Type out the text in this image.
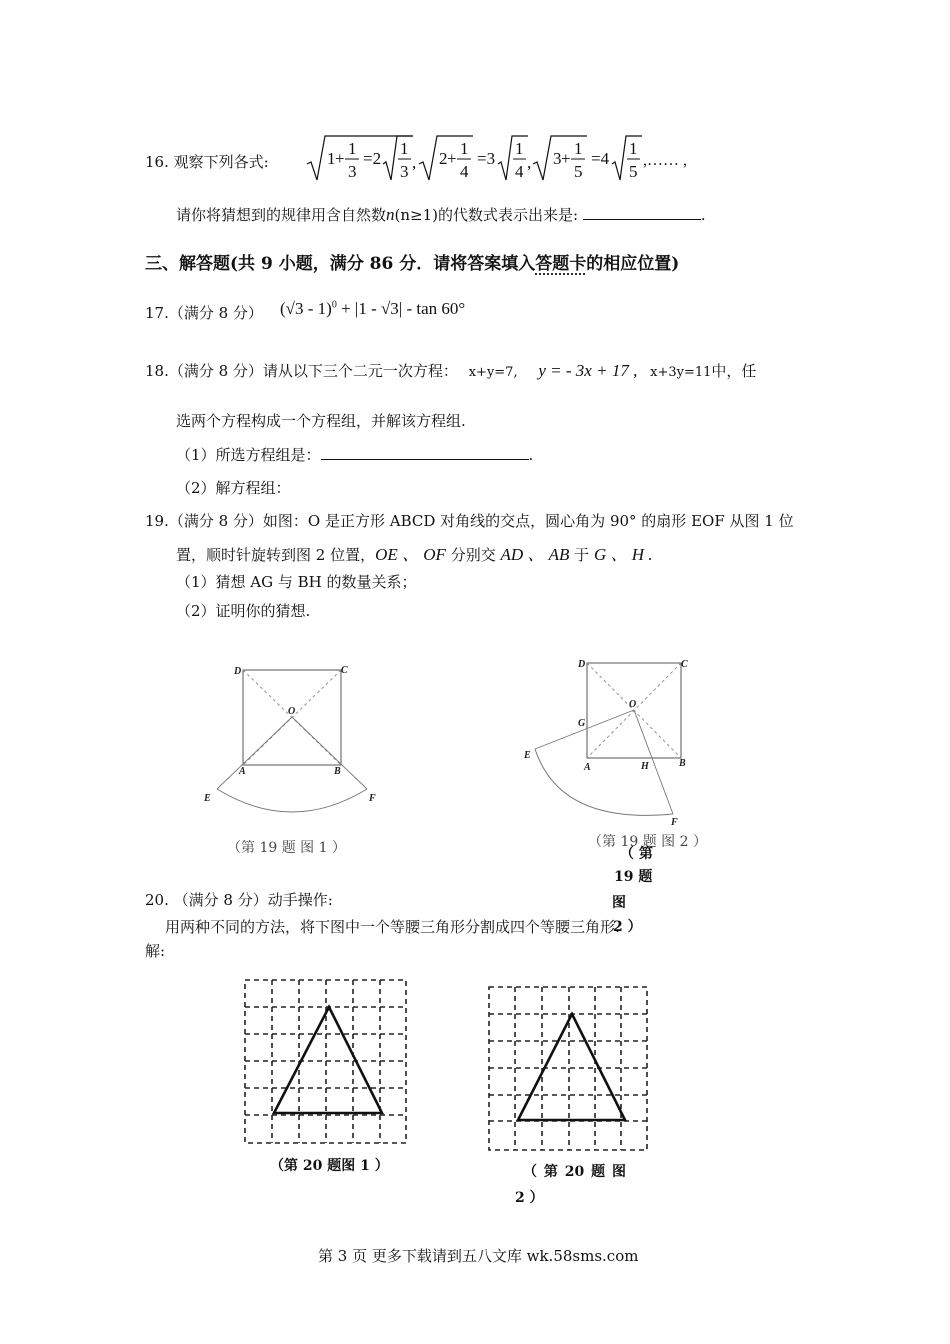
16. 观察下列各式:	1 +
1
3
=2
1
3 , 2 +
1
4
=3
1
4 , 3 +
1
5
=4
1
5
,…… ,
请你将猜想到的规律用含自然数n(n≥1)的代数式表示出来是:	.
三、解答题(共 9 小题，满分 86 分．请将答案填入答题卡的相应位置)
17.（满分 8 分） (√3 - 1)$^0$ + |1 - √3| - tan 60°
18.（满分 8 分）请从以下三个二元一次方程： x+y=7, y = - 3x + 17 , x+3y=11中，任
选两个方程构成一个方程组，并解该方程组.
（1）所选方程组是：	.
（2）解方程组：
19.（满分 8 分）如图：O 是正方形 ABCD 对角线的交点，圆心角为 90° 的扇形 EOF 从图 1 位
置，顺时针旋转到图 2 位置，OE 、 OF 分别交 AD 、 AB 于 G 、 H .
（1）猜想 AG 与 BH 的数量关系；
（2）证明你的猜想.
D	C
O
A	B
E	F
（第 19 题 图 1 ）
D	C
O
G
A	H	B
E
F
（第 19 题 图 2 ）
（ 第
19 题
图
2 ）
20. （满分 8 分）动手操作:
用两种不同的方法，将下图中一个等腰三角形分割成四个等腰三角形.
解:
（第 20 题图 1 ）	（ 第 20 题 图
2 ）
第 3 页 更多下载请到五八文库 wk.58sms.com
